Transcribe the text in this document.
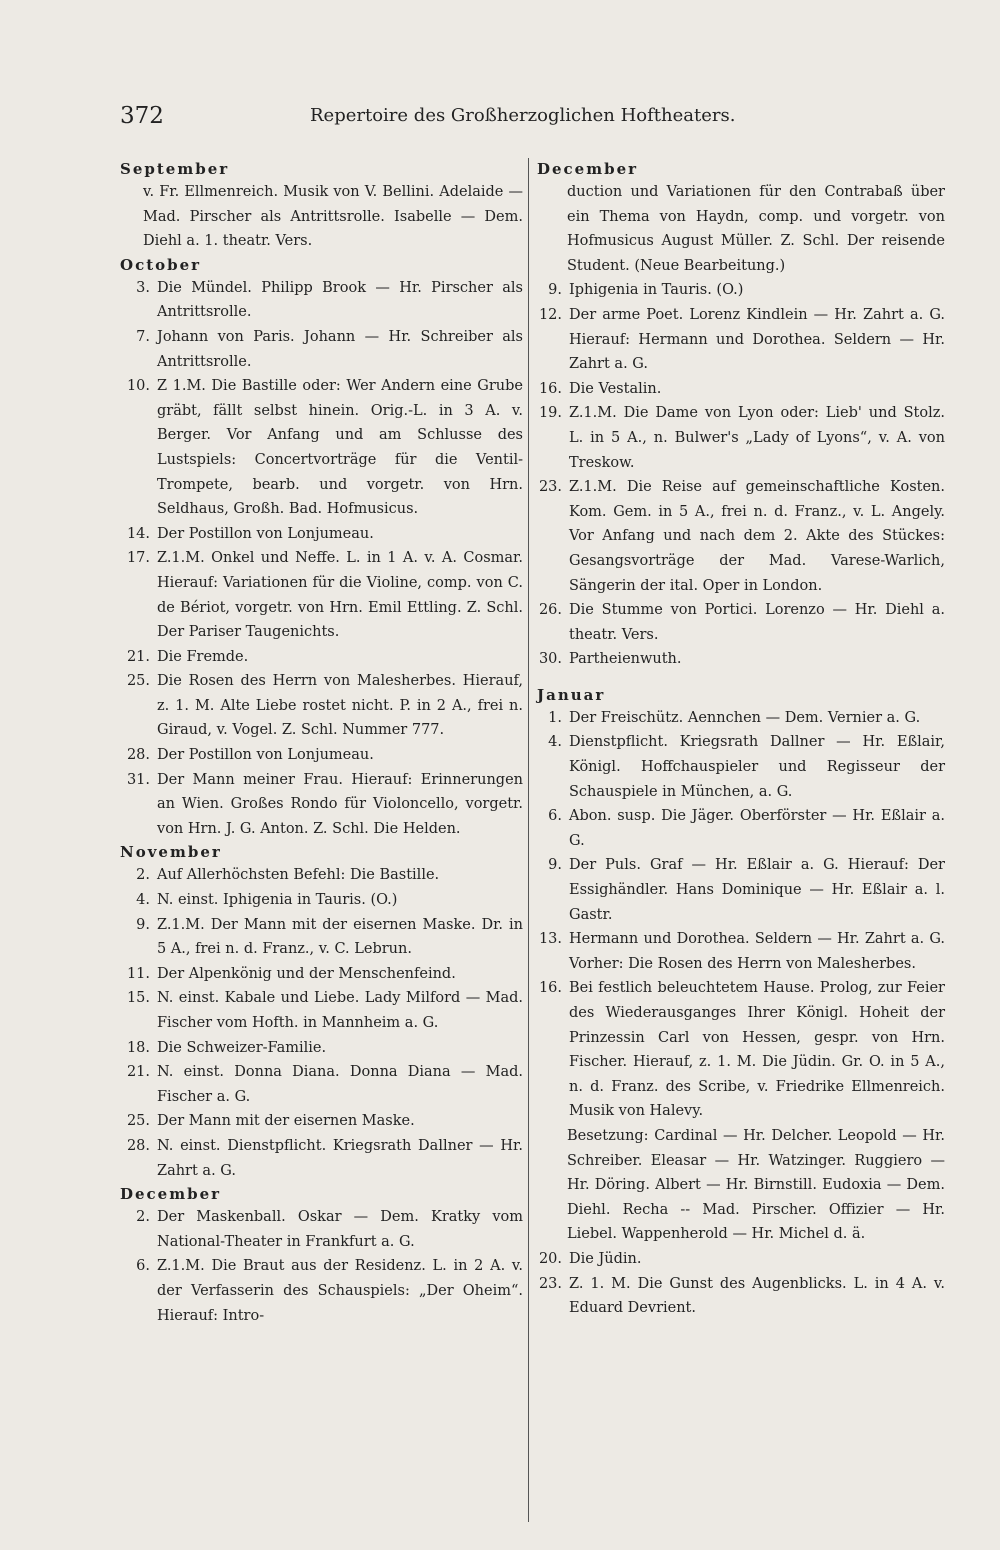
372	Repertoire des Großherzoglichen Hoftheaters.
September
v. Fr. Ellmenreich. Musik von V. Bellini. Adelaide — Mad. Pirscher als Antrittsrolle. Isabelle — Dem. Diehl a. 1. theatr. Vers.
October
3. Die Mündel. Philipp Brook — Hr. Pirscher als Antrittsrolle.
7. Johann von Paris. Johann — Hr. Schreiber als Antrittsrolle.
10. Z 1.M. Die Bastille oder: Wer Andern eine Grube gräbt, fällt selbst hinein. Orig.-L. in 3 A. v. Berger. Vor Anfang und am Schlusse des Lustspiels: Concertvorträge für die Ventil-Trompete, bearb. und vorgetr. von Hrn. Seldhaus, Großh. Bad. Hofmusicus.
14. Der Postillon von Lonjumeau.
17. Z.1.M. Onkel und Neffe. L. in 1 A. v. A. Cosmar. Hierauf: Variationen für die Violine, comp. von C. de Bériot, vorgetr. von Hrn. Emil Ettling. Z. Schl. Der Pariser Taugenichts.
21. Die Fremde.
25. Die Rosen des Herrn von Malesherbes. Hierauf, z. 1. M. Alte Liebe rostet nicht. P. in 2 A., frei n. Giraud, v. Vogel. Z. Schl. Nummer 777.
28. Der Postillon von Lonjumeau.
31. Der Mann meiner Frau. Hierauf: Erinnerungen an Wien. Großes Rondo für Violoncello, vorgetr. von Hrn. J. G. Anton. Z. Schl. Die Helden.
November
2. Auf Allerhöchsten Befehl: Die Bastille.
4. N. einst. Iphigenia in Tauris. (O.)
9. Z.1.M. Der Mann mit der eisernen Maske. Dr. in 5 A., frei n. d. Franz., v. C. Lebrun.
11. Der Alpenkönig und der Menschenfeind.
15. N. einst. Kabale und Liebe. Lady Milford — Mad. Fischer vom Hofth. in Mannheim a. G.
18. Die Schweizer-Familie.
21. N. einst. Donna Diana. Donna Diana — Mad. Fischer a. G.
25. Der Mann mit der eisernen Maske.
28. N. einst. Dienstpflicht. Kriegsrath Dallner — Hr. Zahrt a. G.
December
2. Der Maskenball. Oskar — Dem. Kratky vom National-Theater in Frankfurt a. G.
6. Z.1.M. Die Braut aus der Residenz. L. in 2 A. v. der Verfasserin des Schauspiels: „Der Oheim“. Hierauf: Intro-
December
duction und Variationen für den Contrabaß über ein Thema von Haydn, comp. und vorgetr. von Hofmusicus August Müller. Z. Schl. Der reisende Student. (Neue Bearbeitung.)
9. Iphigenia in Tauris. (O.)
12. Der arme Poet. Lorenz Kindlein — Hr. Zahrt a. G. Hierauf: Hermann und Dorothea. Seldern — Hr. Zahrt a. G.
16. Die Vestalin.
19. Z.1.M. Die Dame von Lyon oder: Lieb' und Stolz. L. in 5 A., n. Bulwer's „Lady of Lyons“, v. A. von Treskow.
23. Z.1.M. Die Reise auf gemeinschaftliche Kosten. Kom. Gem. in 5 A., frei n. d. Franz., v. L. Angely. Vor Anfang und nach dem 2. Akte des Stückes: Gesangsvorträge der Mad. Varese-Warlich, Sängerin der ital. Oper in London.
26. Die Stumme von Portici. Lorenzo — Hr. Diehl a. theatr. Vers.
30. Partheienwuth.
Januar
1. Der Freischütz. Aennchen — Dem. Vernier a. G.
4. Dienstpflicht. Kriegsrath Dallner — Hr. Eßlair, Königl. Hoffchauspieler und Regisseur der Schauspiele in München, a. G.
6. Abon. susp. Die Jäger. Oberförster — Hr. Eßlair a. G.
9. Der Puls. Graf — Hr. Eßlair a. G. Hierauf: Der Essighändler. Hans Dominique — Hr. Eßlair a. l. Gastr.
13. Hermann und Dorothea. Seldern — Hr. Zahrt a. G. Vorher: Die Rosen des Herrn von Malesherbes.
16. Bei festlich beleuchtetem Hause. Prolog, zur Feier des Wiederausganges Ihrer Königl. Hoheit der Prinzessin Carl von Hessen, gespr. von Hrn. Fischer. Hierauf, z. 1. M. Die Jüdin. Gr. O. in 5 A., n. d. Franz. des Scribe, v. Friedrike Ellmenreich. Musik von Halevy.
Besetzung: Cardinal — Hr. Delcher. Leopold — Hr. Schreiber. Eleasar — Hr. Watzinger. Ruggiero — Hr. Döring. Albert — Hr. Birnstill. Eudoxia — Dem. Diehl. Recha -- Mad. Pirscher. Offizier — Hr. Liebel. Wappenherold — Hr. Michel d. ä.
20. Die Jüdin.
23. Z. 1. M. Die Gunst des Augenblicks. L. in 4 A. v. Eduard Devrient.
